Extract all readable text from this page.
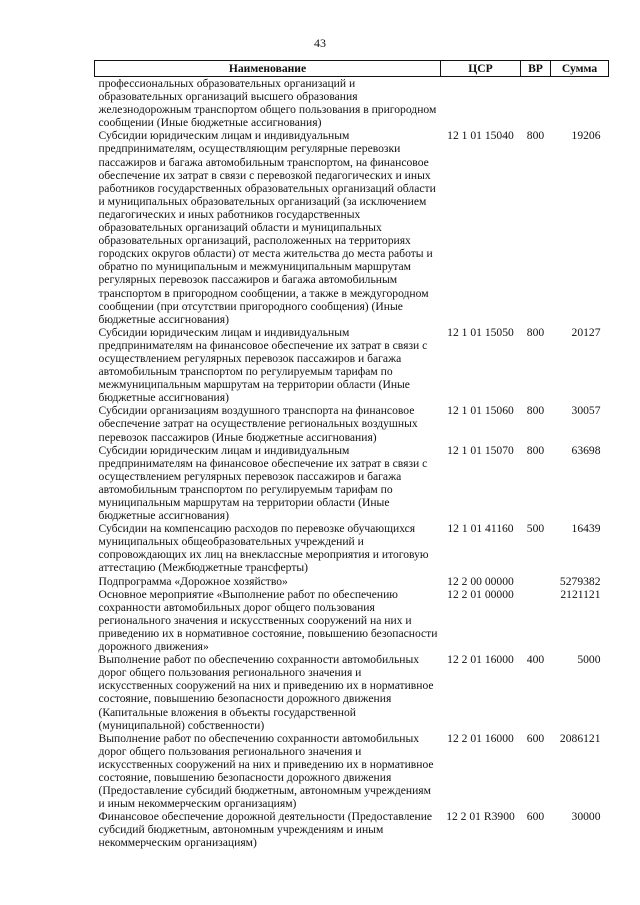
43
Наименование	ЦСР	ВР	Сумма
профессиональных образовательных организаций и образовательных организаций высшего образования железнодорожным транспортом общего пользования в пригородном сообщении (Иные бюджетные ассигнования)			
Субсидии юридическим лицам и индивидуальным предпринимателям, осуществляющим регулярные перевозки пассажиров и багажа автомобильным транспортом, на финансовое обеспечение их затрат в связи с перевозкой педагогических и иных работников государственных образовательных организаций области и муниципальных образовательных организаций (за исключением педагогических и иных работников государственных образовательных организаций области и муниципальных образовательных организаций, расположенных на территориях городских округов области) от места жительства до места работы и обратно по муниципальным и межмуниципальным маршрутам регулярных перевозок пассажиров и багажа автомобильным транспортом в пригородном сообщении, а также в междугородном сообщении (при отсутствии пригородного сообщения) (Иные бюджетные ассигнования)	12 1 01 15040	800	19206
Субсидии юридическим лицам и индивидуальным предпринимателям на финансовое обеспечение их затрат в связи с осуществлением регулярных перевозок пассажиров и багажа автомобильным транспортом по регулируемым тарифам по межмуниципальным маршрутам на территории области (Иные бюджетные ассигнования)	12 1 01 15050	800	20127
Субсидии организациям воздушного транспорта на финансовое обеспечение затрат на осуществление региональных воздушных перевозок пассажиров (Иные бюджетные ассигнования)	12 1 01 15060	800	30057
Субсидии юридическим лицам и индивидуальным предпринимателям на финансовое обеспечение их затрат в связи с осуществлением регулярных перевозок пассажиров и багажа автомобильным транспортом по регулируемым тарифам по муниципальным маршрутам на территории области (Иные бюджетные ассигнования)	12 1 01 15070	800	63698
Субсидии на компенсацию расходов по перевозке обучающихся муниципальных общеобразовательных учреждений и сопровождающих их лиц на внеклассные мероприятия и итоговую аттестацию (Межбюджетные трансферты)	12 1 01 41160	500	16439
Подпрограмма «Дорожное хозяйство»	12 2 00 00000		5279382
Основное мероприятие «Выполнение работ по обеспечению сохранности автомобильных дорог общего пользования регионального значения и искусственных сооружений на них и приведению их в нормативное состояние, повышению безопасности дорожного движения»	12 2 01 00000		2121121
Выполнение работ по обеспечению сохранности автомобильных дорог общего пользования регионального значения и искусственных сооружений на них и приведению их в нормативное состояние, повышению безопасности дорожного движения (Капитальные вложения в объекты государственной (муниципальной) собственности)	12 2 01 16000	400	5000
Выполнение работ по обеспечению сохранности автомобильных дорог общего пользования регионального значения и искусственных сооружений на них и приведению их в нормативное состояние, повышению безопасности дорожного движения (Предоставление субсидий бюджетным, автономным учреждениям и иным некоммерческим организациям)	12 2 01 16000	600	2086121
Финансовое обеспечение дорожной деятельности (Предоставление субсидий бюджетным, автономным учреждениям и иным некоммерческим организациям)	12 2 01 R3900	600	30000
